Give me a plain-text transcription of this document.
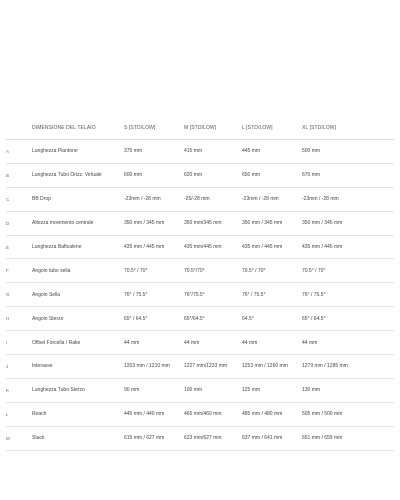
	DIMENSIONE DEL TELAIO	S [STD/LOW]	M [STD/LOW]	L [STD/LOW]	XL [STD/LOW]
A	Lunghezza Piantone	375 mm	415 mm	445 mm	500 mm
B	Lunghezza Tubo Orizz. Virtuale	600 mm	620 mm	650 mm	670 mm
C	BB Drop	-23mm / -28 mm	-25/-28 mm	-23mm / -28 mm	-23mm / -28 mm
D	Altezza movimento centrale	350 mm / 345 mm	350 mm/345 mm	350 mm / 345 mm	350 mm / 345 mm
E	Lunghezza Baftcalene	435 mm / 445 mm	435 mm/445 mm	435 mm / 445 mm	435 mm / 445 mm
F	Angolo tubo sella	70.5° / 70°	70.5°/70°	70.5° / 70°	70.5° / 70°
G	Angolo Sella	76° / 75.5°	76°/75.5°	76° / 75.5°	76° / 75.5°
H	Angolo Sterzo	65° / 64.5°	65°/64.5°	64.5°	65° / 64.5°
I	Offset Forcella / Rake	44 mm	44 mm	44 mm	44 mm
J	Interasse	1203 mm / 1210 mm	1227 mm/1233 mm	1253 mm / 1260 mm	1279 mm / 1285 mm
K	Lunghezza Tubo Sterzo	90 mm	100 mm	125 mm	130 mm
L	Reach	445 mm / 440 mm	465 mm/460 mm	485 mm / 480 mm	505 mm / 500 mm
M	Stack	615 mm / 627 mm	623 mm/627 mm	637 mm / 641 mm	651 mm / 659 mm
